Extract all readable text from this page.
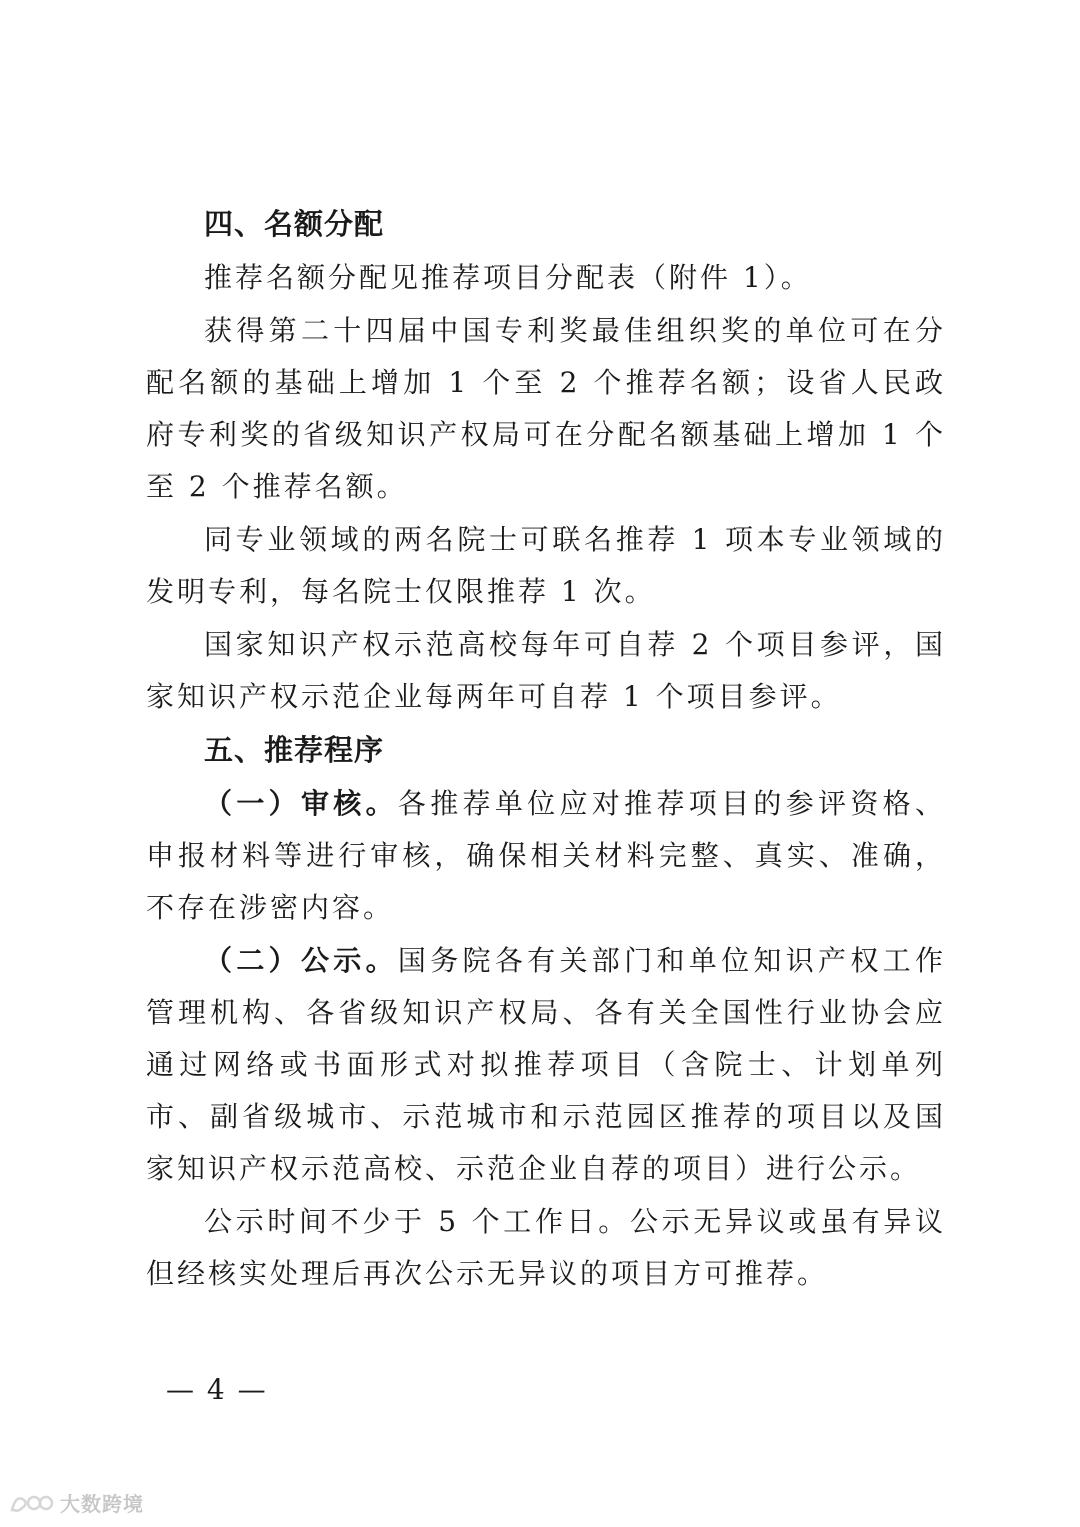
四、名额分配

推荐名额分配见推荐项目分配表（附件 1）。

获得第二十四届中国专利奖最佳组织奖的单位可在分配名额的基础上增加 1 个至 2 个推荐名额；设省人民政府专利奖的省级知识产权局可在分配名额基础上增加 1 个至 2 个推荐名额。

同专业领域的两名院士可联名推荐 1 项本专业领域的发明专利，每名院士仅限推荐 1 次。

国家知识产权示范高校每年可自荐 2 个项目参评，国家知识产权示范企业每两年可自荐 1 个项目参评。

五、推荐程序

（一）审核。各推荐单位应对推荐项目的参评资格、申报材料等进行审核，确保相关材料完整、真实、准确，不存在涉密内容。

（二）公示。国务院各有关部门和单位知识产权工作管理机构、各省级知识产权局、各有关全国性行业协会应通过网络或书面形式对拟推荐项目（含院士、计划单列市、副省级城市、示范城市和示范园区推荐的项目以及国家知识产权示范高校、示范企业自荐的项目）进行公示。

公示时间不少于 5 个工作日。公示无异议或虽有异议但经核实处理后再次公示无异议的项目方可推荐。

— 4 —
大数跨境
